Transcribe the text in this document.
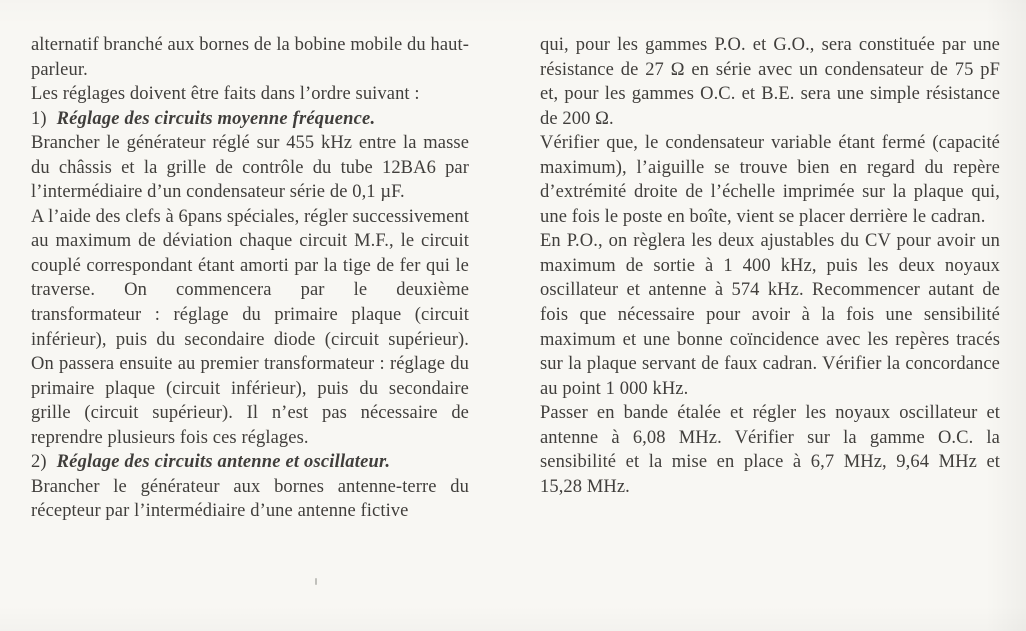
alternatif branché aux bornes de la bobine mobile du haut-parleur.

Les réglages doivent être faits dans l’ordre suivant :

1) Réglage des circuits moyenne fréquence.

Brancher le générateur réglé sur 455 kHz entre la masse du châssis et la grille de contrôle du tube 12BA6 par l’intermédiaire d’un condensateur série de 0,1 µF.

A l’aide des clefs à 6pans spéciales, régler successivement au maximum de déviation chaque circuit M.F., le circuit couplé correspondant étant amorti par la tige de fer qui le traverse. On commencera par le deuxième transformateur : réglage du primaire plaque (circuit inférieur), puis du secondaire diode (circuit supérieur). On passera ensuite au premier transformateur : réglage du primaire plaque (circuit inférieur), puis du secondaire grille (circuit supérieur). Il n’est pas nécessaire de reprendre plusieurs fois ces réglages.

2) Réglage des circuits antenne et oscillateur.

Brancher le générateur aux bornes antenne-terre du récepteur par l’intermédiaire d’une antenne fictive

qui, pour les gammes P.O. et G.O., sera constituée par une résistance de 27 Ω en série avec un condensateur de 75 pF et, pour les gammes O.C. et B.E. sera une simple résistance de 200 Ω.

Vérifier que, le condensateur variable étant fermé (capacité maximum), l’aiguille se trouve bien en regard du repère d’extrémité droite de l’échelle imprimée sur la plaque qui, une fois le poste en boîte, vient se placer derrière le cadran.

En P.O., on règlera les deux ajustables du CV pour avoir un maximum de sortie à 1 400 kHz, puis les deux noyaux oscillateur et antenne à 574 kHz. Recommencer autant de fois que nécessaire pour avoir à la fois une sensibilité maximum et une bonne coïncidence avec les repères tracés sur la plaque servant de faux cadran. Vérifier la concordance au point 1 000 kHz.

Passer en bande étalée et régler les noyaux oscillateur et antenne à 6,08 MHz. Vérifier sur la gamme O.C. la sensibilité et la mise en place à 6,7 MHz, 9,64 MHz et 15,28 MHz.
